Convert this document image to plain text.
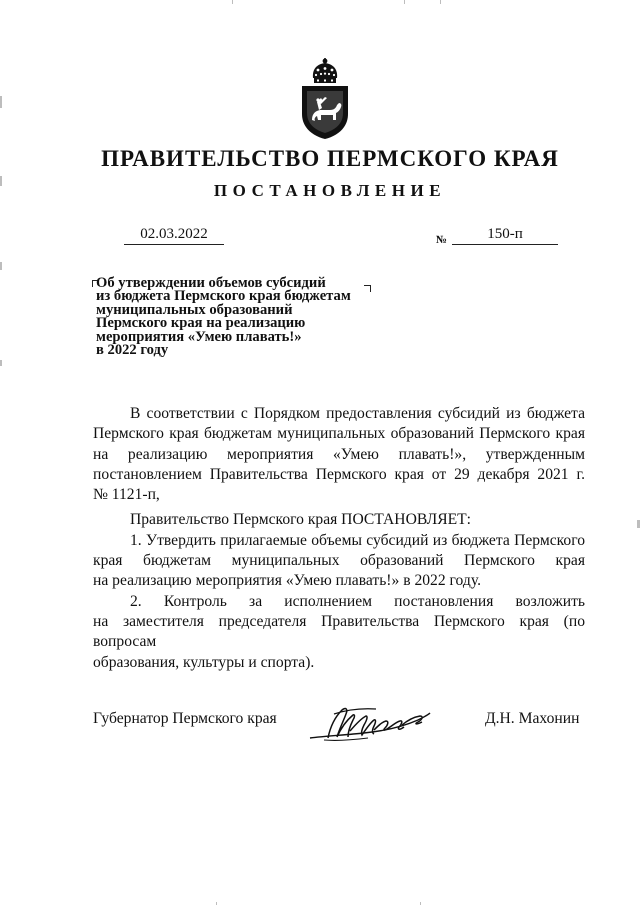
ПРАВИТЕЛЬСТВО ПЕРМСКОГО КРАЯ
ПОСТАНОВЛЕНИЕ
02.03.2022	№	150-п
Об утверждении объемов субсидий
из бюджета Пермского края бюджетам
муниципальных образований
Пермского края на реализацию
мероприятия «Умею плавать!»
в 2022 году

В соответствии с Порядком предоставления субсидий из бюджета

Пермского края бюджетам муниципальных образований Пермского края

на реализацию мероприятия «Умею плавать!», утвержденным

постановлением Правительства Пермского края от 29 декабря 2021 г.

№ 1121-п,

Правительство Пермского края ПОСТАНОВЛЯЕТ:

1. Утвердить прилагаемые объемы субсидий из бюджета Пермского

края бюджетам муниципальных образований Пермского края

на реализацию мероприятия «Умею плавать!» в 2022 году.

2. Контроль за исполнением постановления возложить

на заместителя председателя Правительства Пермского края (по вопросам

образования, культуры и спорта).

Губернатор Пермского края	Д.Н. Махонин
